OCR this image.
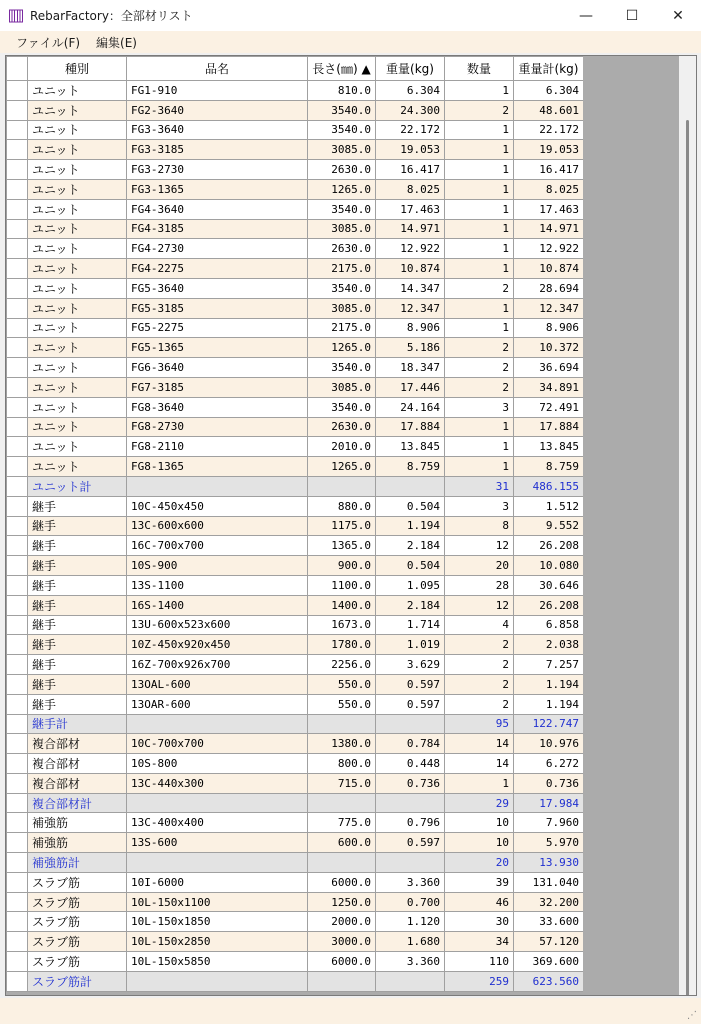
RebarFactory：全部材リスト	—	☐	✕
ファイル(F)	編集(E)
	種別	品名	長さ(㎜) ▲	重量(kg)	数量	重量計(kg)
	ユニット	FG1-910	810.0	6.304	1	6.304
	ユニット	FG2-3640	3540.0	24.300	2	48.601
	ユニット	FG3-3640	3540.0	22.172	1	22.172
	ユニット	FG3-3185	3085.0	19.053	1	19.053
	ユニット	FG3-2730	2630.0	16.417	1	16.417
	ユニット	FG3-1365	1265.0	8.025	1	8.025
	ユニット	FG4-3640	3540.0	17.463	1	17.463
	ユニット	FG4-3185	3085.0	14.971	1	14.971
	ユニット	FG4-2730	2630.0	12.922	1	12.922
	ユニット	FG4-2275	2175.0	10.874	1	10.874
	ユニット	FG5-3640	3540.0	14.347	2	28.694
	ユニット	FG5-3185	3085.0	12.347	1	12.347
	ユニット	FG5-2275	2175.0	8.906	1	8.906
	ユニット	FG5-1365	1265.0	5.186	2	10.372
	ユニット	FG6-3640	3540.0	18.347	2	36.694
	ユニット	FG7-3185	3085.0	17.446	2	34.891
	ユニット	FG8-3640	3540.0	24.164	3	72.491
	ユニット	FG8-2730	2630.0	17.884	1	17.884
	ユニット	FG8-2110	2010.0	13.845	1	13.845
	ユニット	FG8-1365	1265.0	8.759	1	8.759
	ユニット計				31	486.155
	継手	10C-450x450	880.0	0.504	3	1.512
	継手	13C-600x600	1175.0	1.194	8	9.552
	継手	16C-700x700	1365.0	2.184	12	26.208
	継手	10S-900	900.0	0.504	20	10.080
	継手	13S-1100	1100.0	1.095	28	30.646
	継手	16S-1400	1400.0	2.184	12	26.208
	継手	13U-600x523x600	1673.0	1.714	4	6.858
	継手	10Z-450x920x450	1780.0	1.019	2	2.038
	継手	16Z-700x926x700	2256.0	3.629	2	7.257
	継手	13OAL-600	550.0	0.597	2	1.194
	継手	13OAR-600	550.0	0.597	2	1.194
	継手計				95	122.747
	複合部材	10C-700x700	1380.0	0.784	14	10.976
	複合部材	10S-800	800.0	0.448	14	6.272
	複合部材	13C-440x300	715.0	0.736	1	0.736
	複合部材計				29	17.984
	補強筋	13C-400x400	775.0	0.796	10	7.960
	補強筋	13S-600	600.0	0.597	10	5.970
	補強筋計				20	13.930
	スラブ筋	10I-6000	6000.0	3.360	39	131.040
	スラブ筋	10L-150x1100	1250.0	0.700	46	32.200
	スラブ筋	10L-150x1850	2000.0	1.120	30	33.600
	スラブ筋	10L-150x2850	3000.0	1.680	34	57.120
	スラブ筋	10L-150x5850	6000.0	3.360	110	369.600
	スラブ筋計				259	623.560
⋰
